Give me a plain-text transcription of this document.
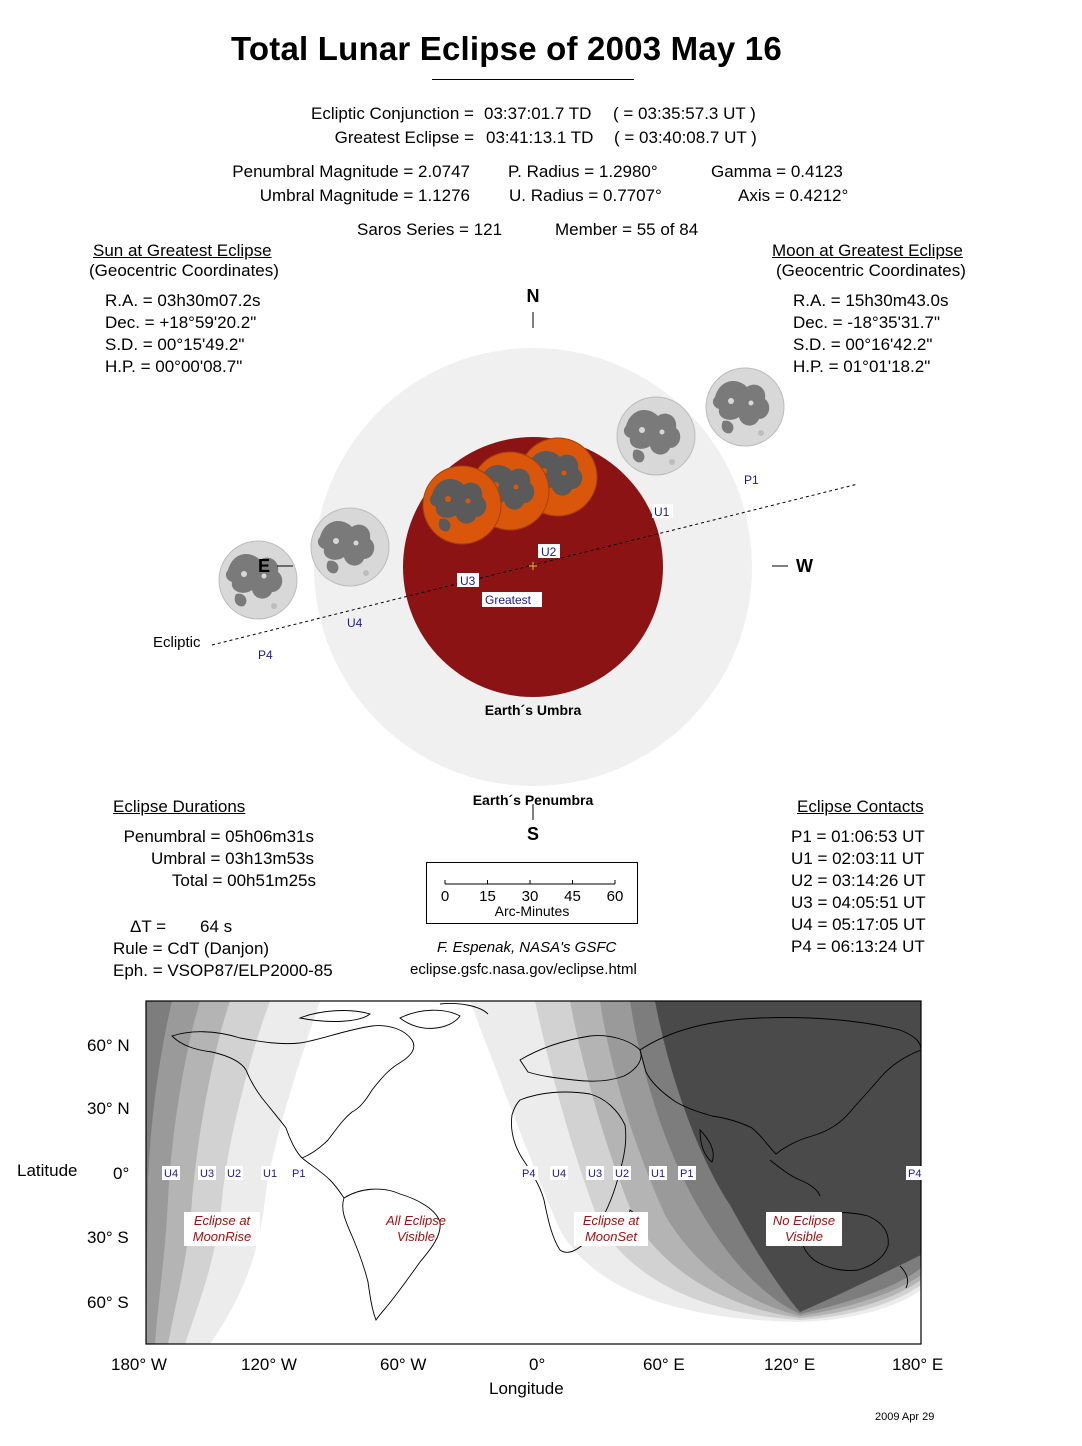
Total Lunar Eclipse of 2003 May 16
Ecliptic Conjunction = 03:37:01.7 TD ( = 03:35:57.3 UT )
Greatest Eclipse = 03:41:13.1 TD ( = 03:40:08.7 UT )
Penumbral Magnitude = 2.0747
Umbral Magnitude = 1.1276
P. Radius = 1.2980°
U. Radius = 0.7707°
Gamma = 0.4123
Axis = 0.4212°
Saros Series = 121	Member = 55 of 84
Sun at Greatest Eclipse
(Geocentric Coordinates)
R.A. = 03h30m07.2s
Dec. = +18°59'20.2"
S.D. = 00°15'49.2"
H.P. = 00°00'08.7"
Moon at Greatest Eclipse
(Geocentric Coordinates)
R.A. = 15h30m43.0s
Dec. = -18°35'31.7"
S.D. = 00°16'42.2"
H.P. = 01°01'18.2"
N
S
E	W
Ecliptic
Earth´s Umbra
Earth´s Penumbra
P1
U1
U2
U3
U4
P4
Greatest
Eclipse Durations
Penumbral = 05h06m31s
Umbral = 03h13m53s
Total = 00h51m25s
ΔT = 64 s
Rule = CdT (Danjon)
Eph. = VSOP87/ELP2000-85
Eclipse Contacts
P1 = 01:06:53 UT
U1 = 02:03:11 UT
U2 = 03:14:26 UT
U3 = 04:05:51 UT
U4 = 05:17:05 UT
P4 = 06:13:24 UT
0 15 30 45 60
Arc-Minutes
F. Espenak, NASA's GSFC
eclipse.gsfc.nasa.gov/eclipse.html
U4 U3 U2 U1 P1	P4 U4 U3 U2 U1 P1	P4
Eclipse at
MoonRise
All Eclipse
Visible
Eclipse at
MoonSet
No Eclipse
Visible
60° N
30° N
0°
30° S
60° S
Latitude
180° W	120° W	60° W	0°	60° E	120° E	180° E
Longitude
2009 Apr 29
